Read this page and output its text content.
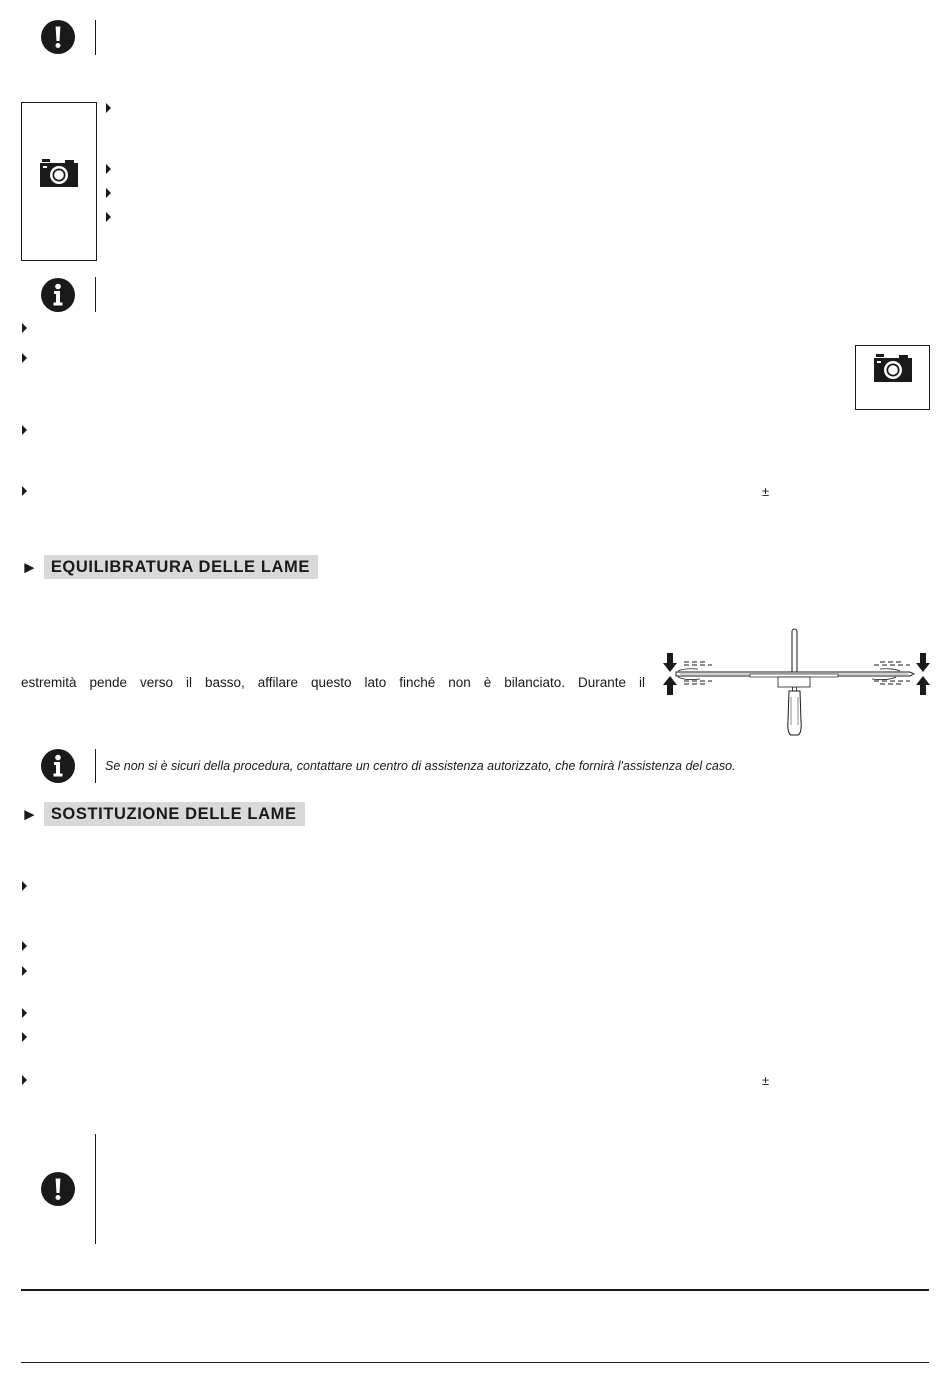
±
► EQUILIBRATURA DELLE LAME
estremità pende verso il basso, affilare questo lato finché non è bilanciato. Durante il
Se non si è sicuri della procedura, contattare un centro di assistenza autorizzato, che fornirà l'assistenza del caso.
► SOSTITUZIONE DELLE LAME
±
